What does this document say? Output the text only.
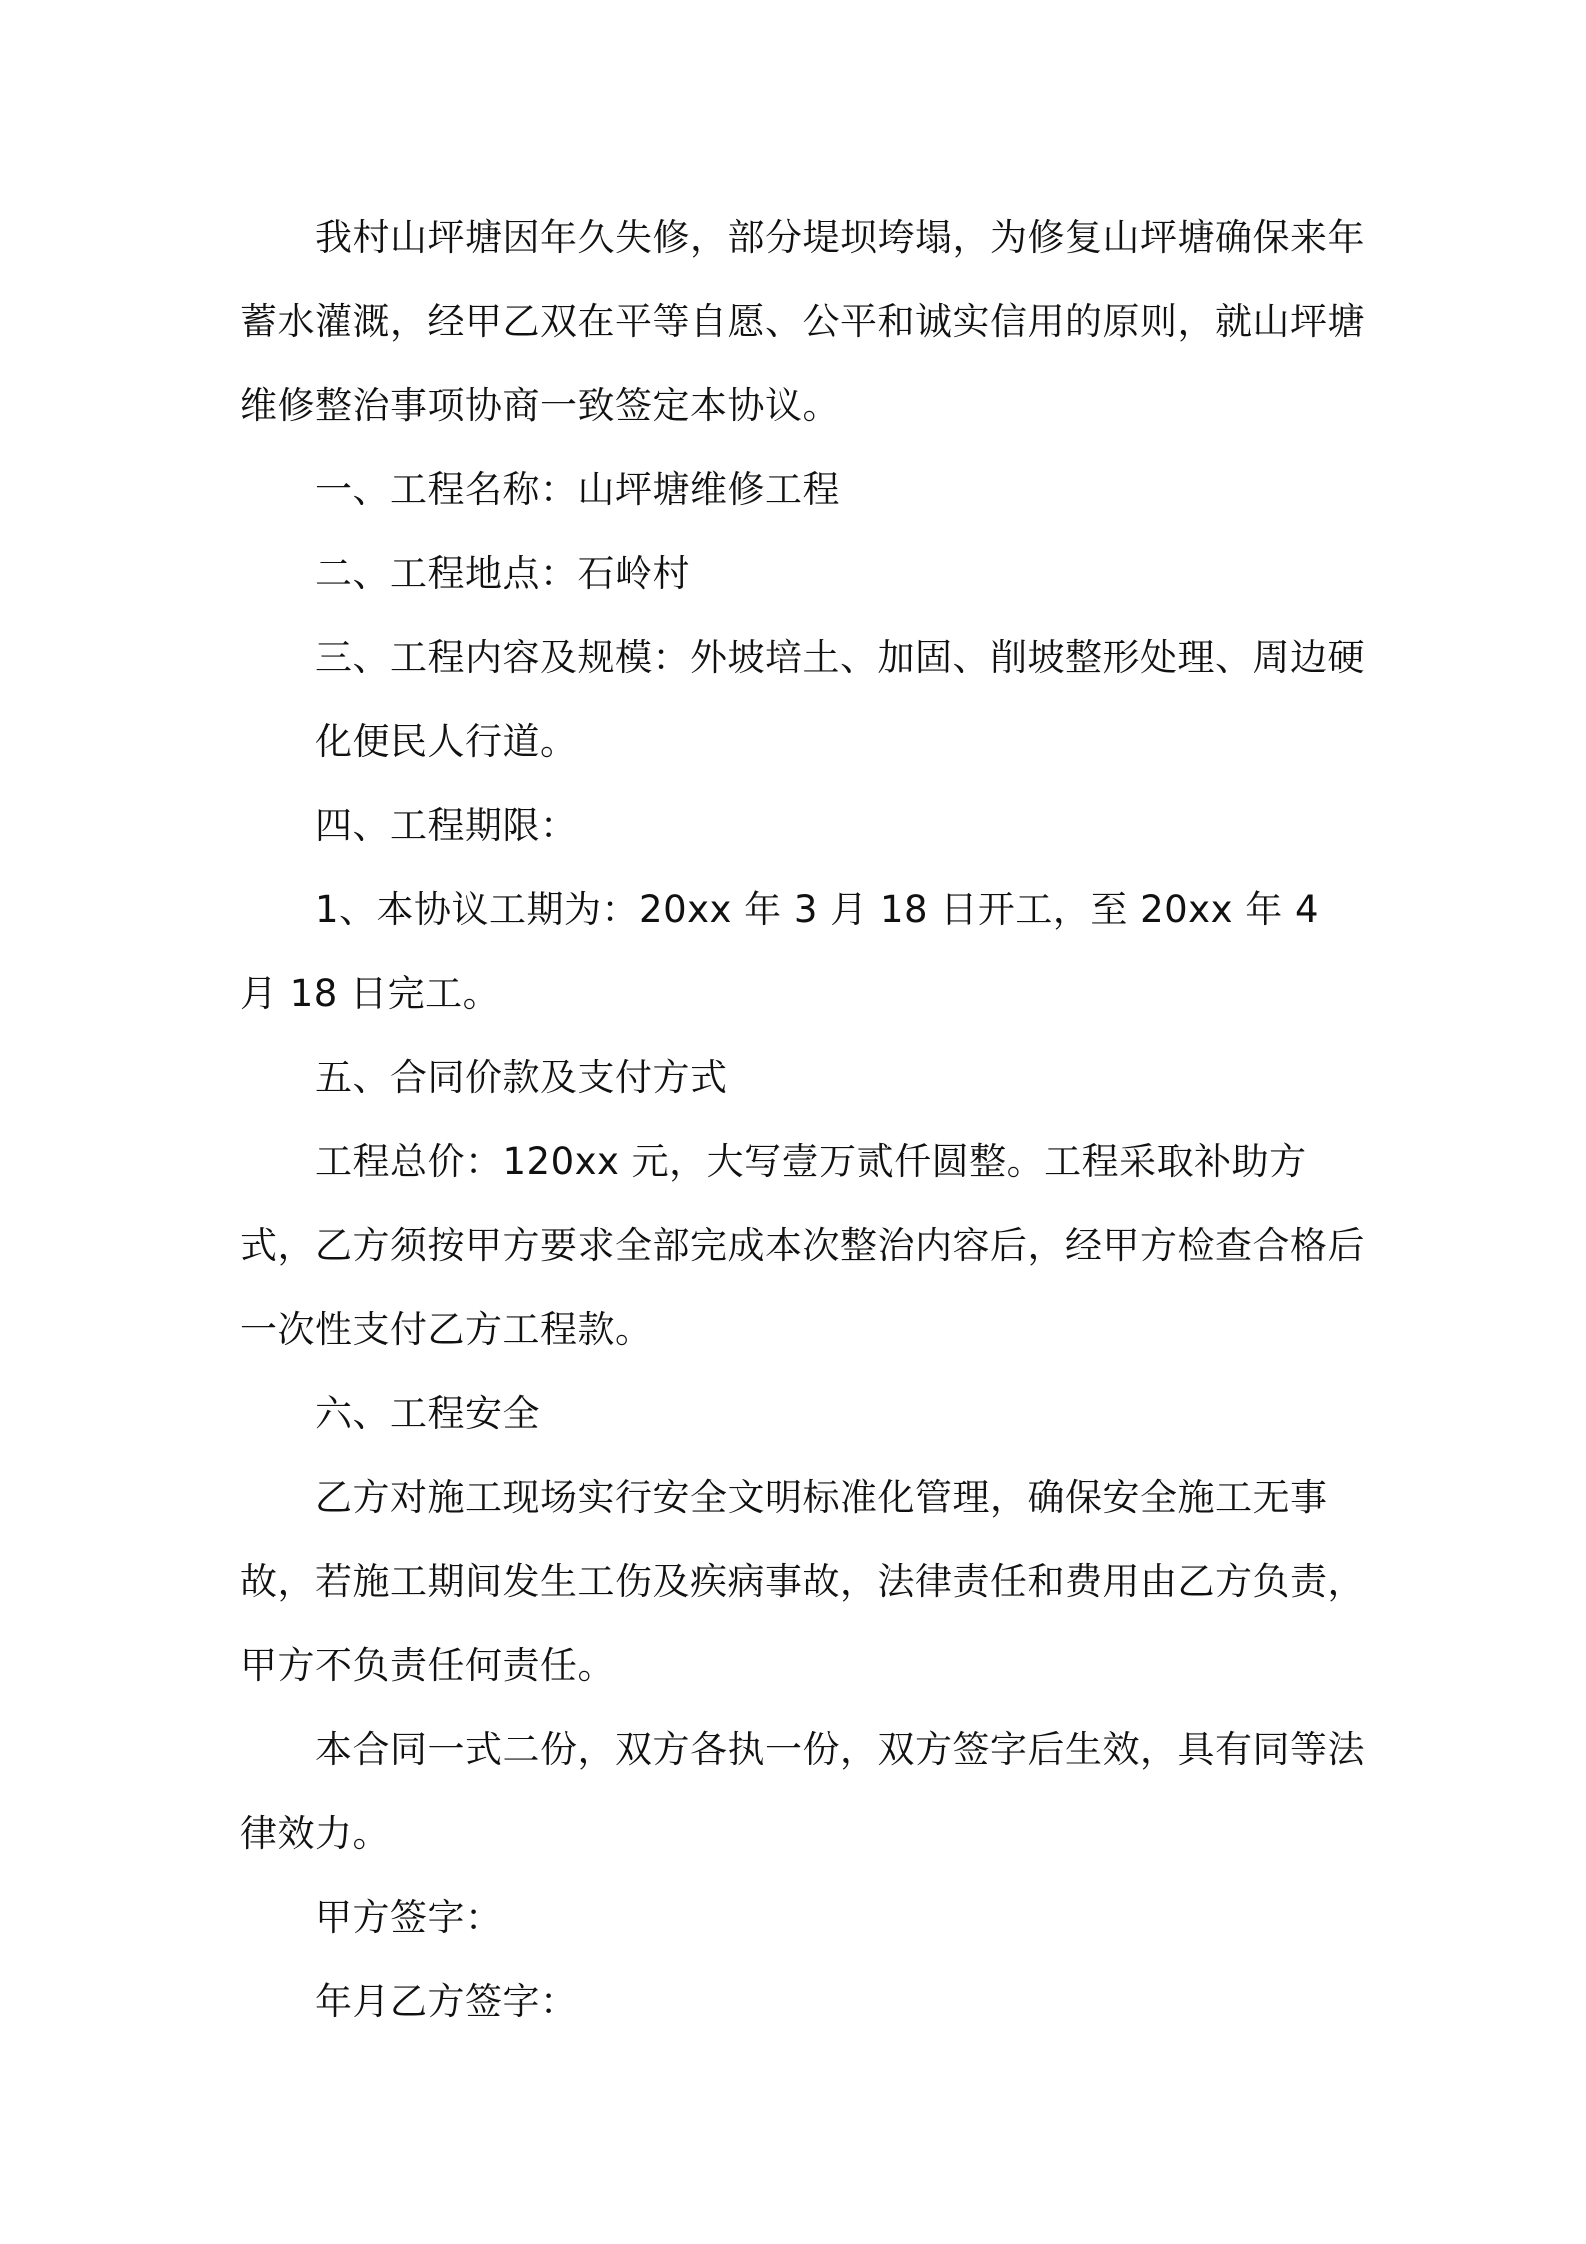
我村山坪塘因年久失修，部分堤坝垮塌，为修复山坪塘确保来年蓄水灌溉，经甲乙双在平等自愿、公平和诚实信用的原则，就山坪塘维修整治事项协商一致签定本协议。

一、工程名称：山坪塘维修工程

二、工程地点：石岭村

三、工程内容及规模：外坡培土、加固、削坡整形处理、周边硬化便民人行道。

四、工程期限：

1、本协议工期为：20xx 年 3 月 18 日开工，至 20xx 年 4 月 18 日完工。

五、合同价款及支付方式

工程总价：120xx 元，大写壹万贰仟圆整。工程采取补助方式，乙方须按甲方要求全部完成本次整治内容后，经甲方检查合格后一次性支付乙方工程款。

六、工程安全

乙方对施工现场实行安全文明标准化管理，确保安全施工无事故，若施工期间发生工伤及疾病事故，法律责任和费用由乙方负责，甲方不负责任何责任。

本合同一式二份，双方各执一份，双方签字后生效，具有同等法律效力。

甲方签字：

年月乙方签字：
